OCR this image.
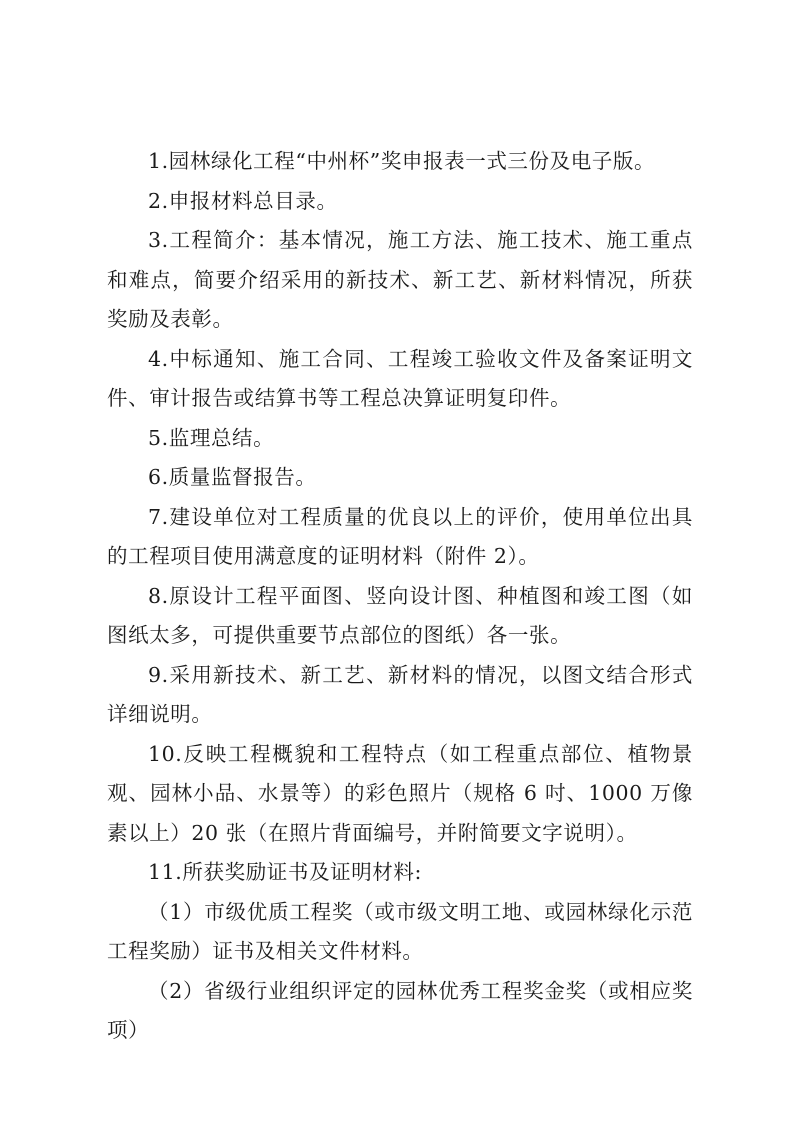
1.园林绿化工程“中州杯”奖申报表一式三份及电子版。

2.申报材料总目录。

3.工程简介：基本情况，施工方法、施工技术、施工重点和难点，简要介绍采用的新技术、新工艺、新材料情况，所获奖励及表彰。

4.中标通知、施工合同、工程竣工验收文件及备案证明文件、审计报告或结算书等工程总决算证明复印件。

5.监理总结。

6.质量监督报告。

7.建设单位对工程质量的优良以上的评价，使用单位出具的工程项目使用满意度的证明材料（附件 2）。

8.原设计工程平面图、竖向设计图、种植图和竣工图（如图纸太多，可提供重要节点部位的图纸）各一张。

9.采用新技术、新工艺、新材料的情况，以图文结合形式详细说明。

10.反映工程概貌和工程特点（如工程重点部位、植物景观、园林小品、水景等）的彩色照片（规格 6 吋、1000 万像素以上）20 张（在照片背面编号，并附简要文字说明）。

11.所获奖励证书及证明材料:

（1）市级优质工程奖（或市级文明工地、或园林绿化示范工程奖励）证书及相关文件材料。

（2）省级行业组织评定的园林优秀工程奖金奖（或相应奖项）
